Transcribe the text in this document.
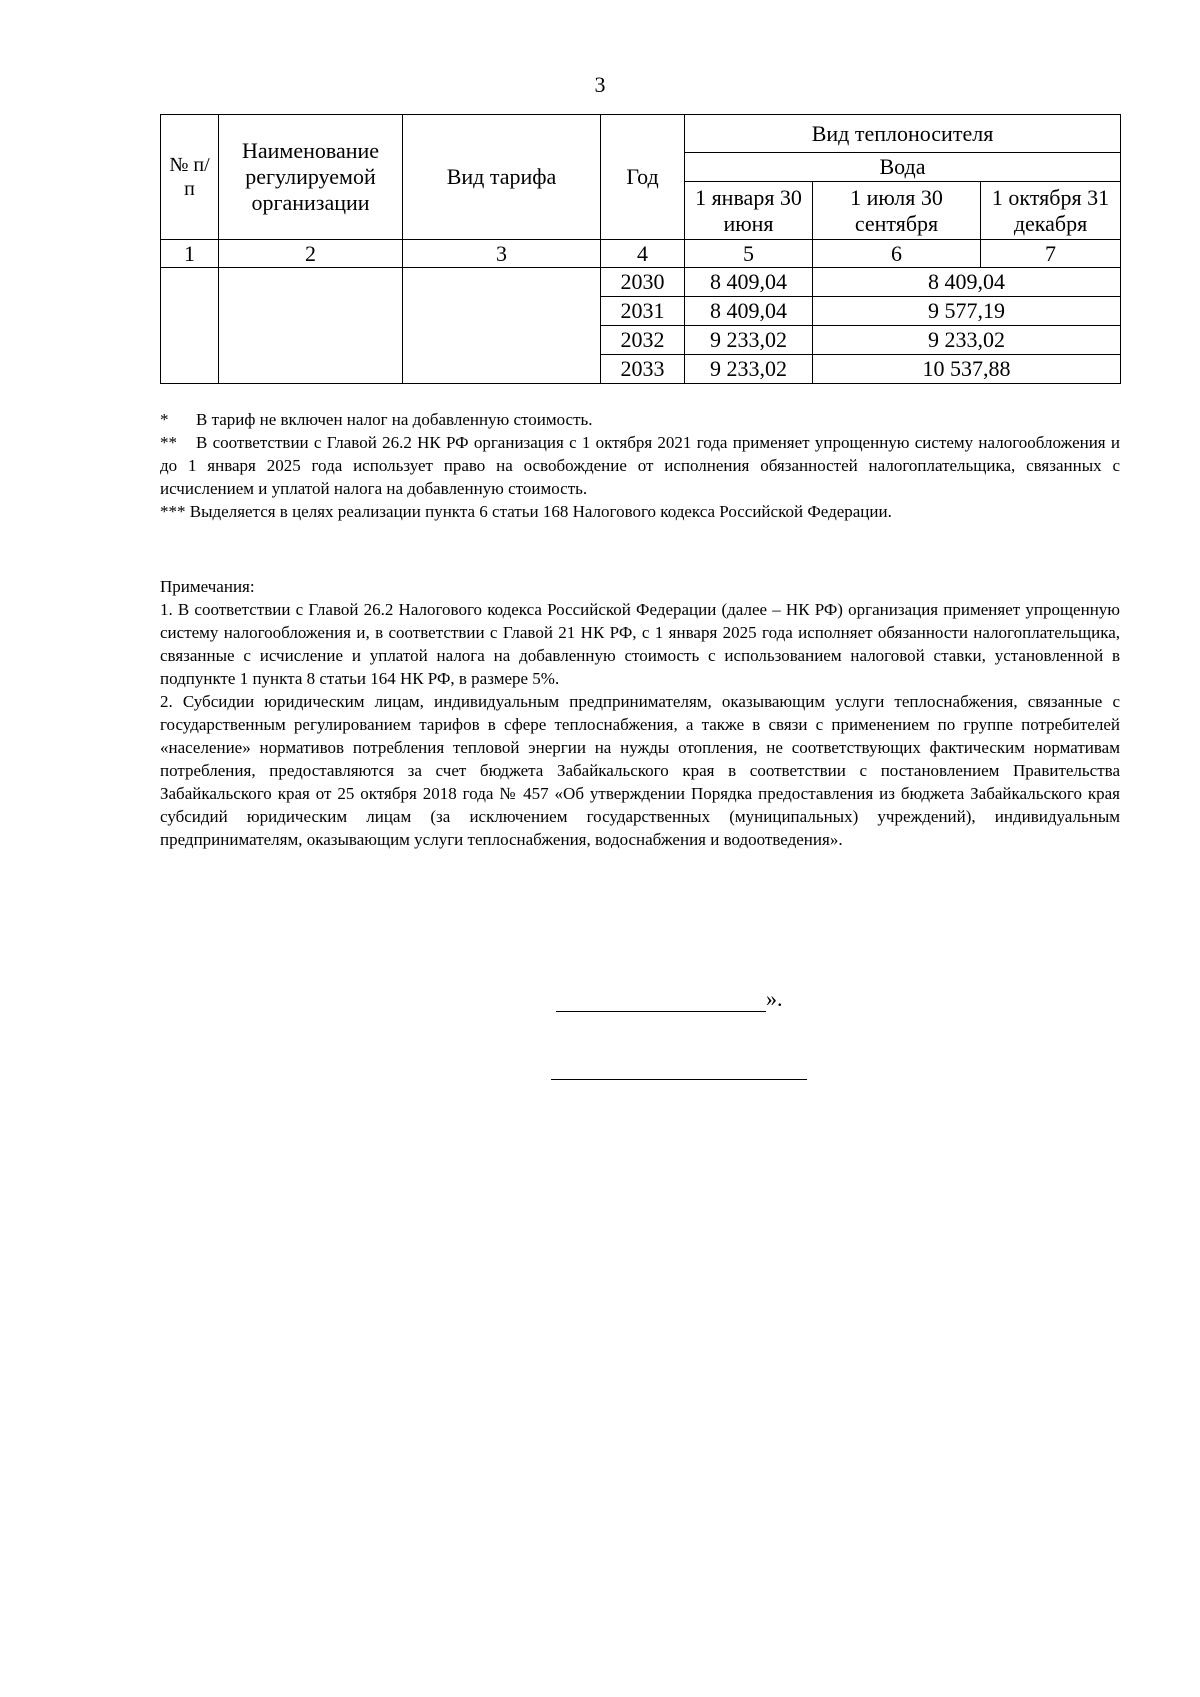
3
№ п/п	Наименование регулируемой организации	Вид тарифа	Год	Вид теплоносителя		
				Вода		
				1 января 30 июня	1 июля 30 сентября	1 октября 31 декабря
1	2	3	4	5	6	7
			2030	8 409,04	8 409,04	
			2031	8 409,04	9 577,19	
			2032	9 233,02	9 233,02	
			2033	9 233,02	10 537,88	

* В тариф не включен налог на добавленную стоимость.

** В соответствии с Главой 26.2 НК РФ организация с 1 октября 2021 года применяет упрощенную систему налогообложения и до 1 января 2025 года использует право на освобождение от исполнения обязанностей налогоплательщика, связанных с исчислением и уплатой налога на добавленную стоимость.

*** Выделяется в целях реализации пункта 6 статьи 168 Налогового кодекса Российской Федерации.

Примечания:

1. В соответствии с Главой 26.2 Налогового кодекса Российской Федерации (далее – НК РФ) организация применяет упрощенную систему налогообложения и, в соответствии с Главой 21 НК РФ, с 1 января 2025 года исполняет обязанности налогоплательщика, связанные с исчисление и уплатой налога на добавленную стоимость с использованием налоговой ставки, установленной в подпункте 1 пункта 8 статьи 164 НК РФ, в размере 5%.

2. Субсидии юридическим лицам, индивидуальным предпринимателям, оказывающим услуги теплоснабжения, связанные с государственным регулированием тарифов в сфере теплоснабжения, а также в связи с применением по группе потребителей «население» нормативов потребления тепловой энергии на нужды отопления, не соответствующих фактическим нормативам потребления, предоставляются за счет бюджета Забайкальского края в соответствии с постановлением Правительства Забайкальского края от 25 октября 2018 года № 457 «Об утверждении Порядка предоставления из бюджета Забайкальского края субсидий юридическим лицам (за исключением государственных (муниципальных) учреждений), индивидуальным предпринимателям, оказывающим услуги теплоснабжения, водоснабжения и водоотведения».

».
